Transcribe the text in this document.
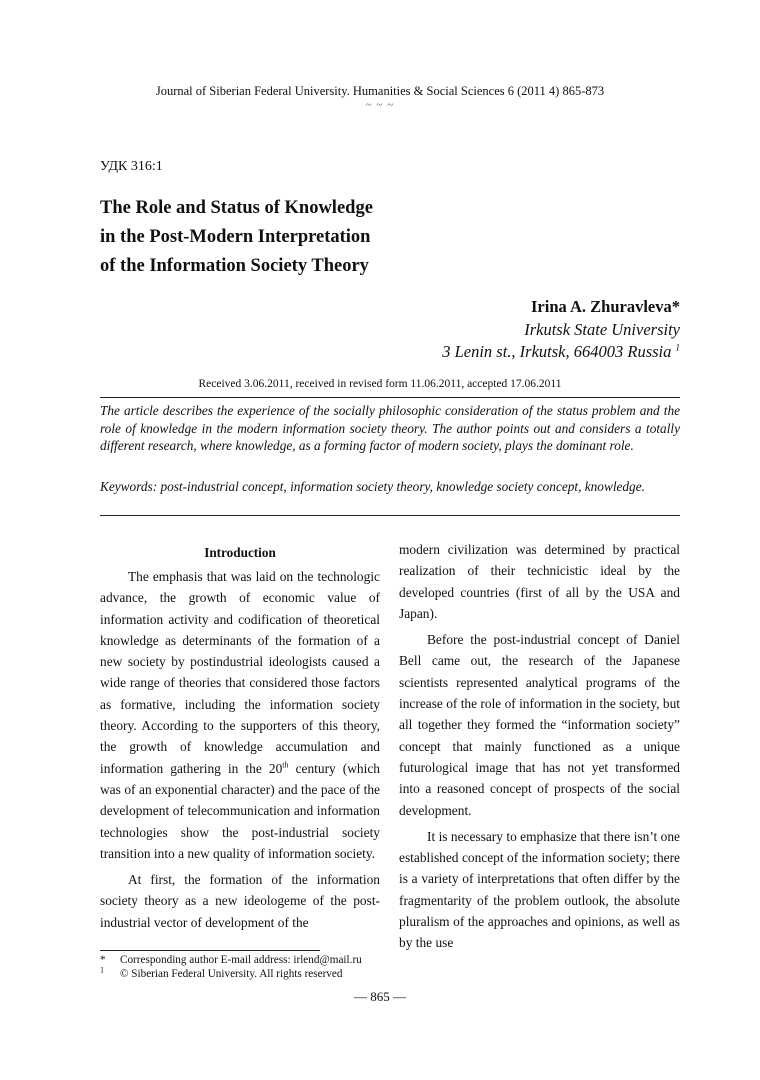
Journal of Siberian Federal University. Humanities & Social Sciences 6 (2011 4) 865-873
~ ~ ~
УДК 316:1
The Role and Status of Knowledge
in the Post-Modern Interpretation
of the Information Society Theory
Irina A. Zhuravleva*
Irkutsk State University
3 Lenin st., Irkutsk, 664003 Russia $^1$
Received 3.06.2011, received in revised form 11.06.2011, accepted 17.06.2011
The article describes the experience of the socially philosophic consideration of the status problem and the role of knowledge in the modern information society theory. The author points out and considers a totally different research, where knowledge, as a forming factor of modern society, plays the dominant role.
Keywords: post-industrial concept, information society theory, knowledge society concept, knowledge.

Introduction

The emphasis that was laid on the technologic advance, the growth of economic value of information activity and codification of theoretical knowledge as determinants of the formation of a new society by postindustrial ideologists caused a wide range of theories that considered those factors as formative, including the information society theory. According to the supporters of this theory, the growth of knowledge accumulation and information gathering in the 20th century (which was of an exponential character) and the pace of the development of telecommunication and information technologies show the post-industrial society transition into a new quality of information society.

At first, the formation of the information society theory as a new ideologeme of the post-industrial vector of development of the

modern civilization was determined by practical realization of their technicistic ideal by the developed countries (first of all by the USA and Japan).

Before the post-industrial concept of Daniel Bell came out, the research of the Japanese scientists represented analytical programs of the increase of the role of information in the society, but all together they formed the “information society” concept that mainly functioned as a unique futurological image that has not yet transformed into a reasoned concept of prospects of the social development.

It is necessary to emphasize that there isn’t one established concept of the information society; there is a variety of interpretations that often differ by the fragmentarity of the problem outlook, the absolute pluralism of the approaches and opinions, as well as by the use

* Corresponding author E-mail address: irlend@mail.ru
$^1$ © Siberian Federal University. All rights reserved
— 865 —
